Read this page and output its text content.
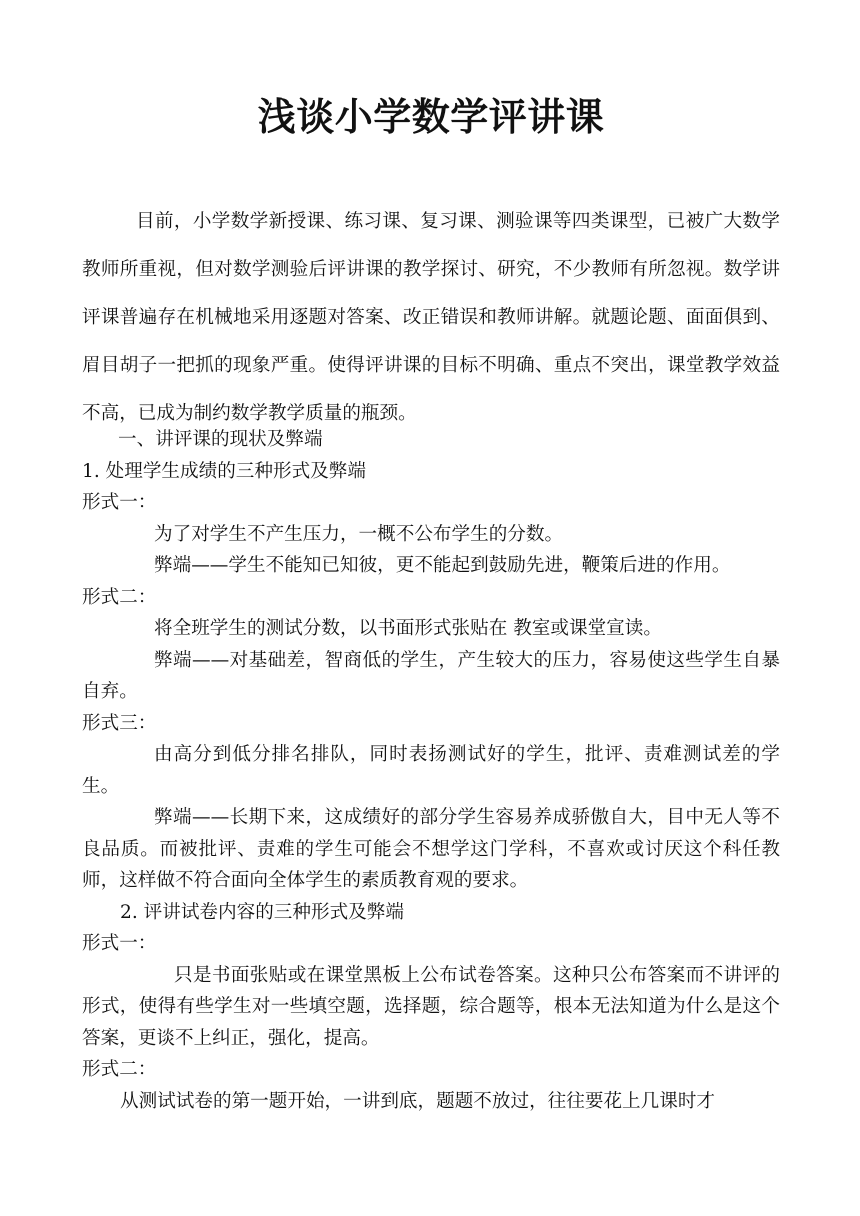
浅谈小学数学评讲课

目前，小学数学新授课、练习课、复习课、测验课等四类课型，已被广大数学教师所重视，但对数学测验后评讲课的教学探讨、研究，不少教师有所忽视。数学讲评课普遍存在机械地采用逐题对答案、改正错误和教师讲解。就题论题、面面俱到、眉目胡子一把抓的现象严重。使得评讲课的目标不明确、重点不突出，课堂教学效益不高，已成为制约数学教学质量的瓶颈。

一、讲评课的现状及弊端

1. 处理学生成绩的三种形式及弊端

形式一：

为了对学生不产生压力，一概不公布学生的分数。

弊端——学生不能知已知彼，更不能起到鼓励先进，鞭策后进的作用。

形式二：

将全班学生的测试分数，以书面形式张贴在 教室或课堂宣读。

弊端——对基础差，智商低的学生，产生较大的压力，容易使这些学生自暴自弃。

形式三：

由高分到低分排名排队，同时表扬测试好的学生，批评、责难测试差的学生。

弊端——长期下来，这成绩好的部分学生容易养成骄傲自大，目中无人等不良品质。而被批评、责难的学生可能会不想学这门学科，不喜欢或讨厌这个科任教师，这样做不符合面向全体学生的素质教育观的要求。

2. 评讲试卷内容的三种形式及弊端

形式一：

只是书面张贴或在课堂黑板上公布试卷答案。这种只公布答案而不讲评的形式，使得有些学生对一些填空题，选择题，综合题等，根本无法知道为什么是这个答案，更谈不上纠正，强化，提高。

形式二：

从测试试卷的第一题开始，一讲到底，题题不放过，往往要花上几课时才
